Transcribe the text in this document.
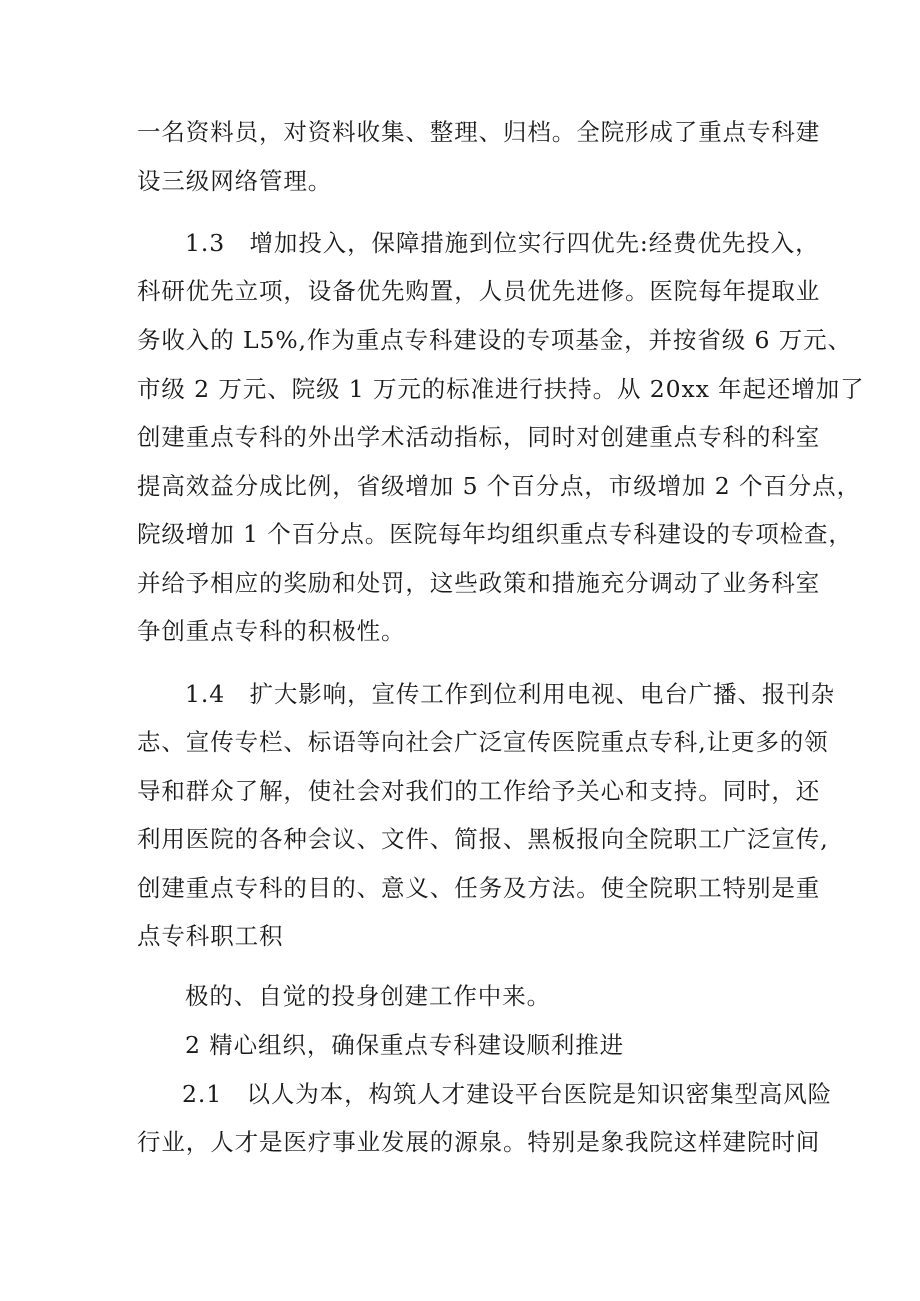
一名资料员，对资料收集、整理、归档。全院形成了重点专科建
设三级网络管理。
1.3　增加投入，保障措施到位实行四优先:经费优先投入，
科研优先立项，设备优先购置，人员优先进修。医院每年提取业
务收入的 L5%,作为重点专科建设的专项基金，并按省级 6 万元、
市级 2 万元、院级 1 万元的标准进行扶持。从 20xx 年起还增加了
创建重点专科的外出学术活动指标，同时对创建重点专科的科室
提高效益分成比例，省级增加 5 个百分点，市级增加 2 个百分点，
院级增加 1 个百分点。医院每年均组织重点专科建设的专项检查，
并给予相应的奖励和处罚，这些政策和措施充分调动了业务科室
争创重点专科的积极性。
1.4　扩大影响，宣传工作到位利用电视、电台广播、报刊杂
志、宣传专栏、标语等向社会广泛宣传医院重点专科,让更多的领
导和群众了解，使社会对我们的工作给予关心和支持。同时，还
利用医院的各种会议、文件、简报、黑板报向全院职工广泛宣传,
创建重点专科的目的、意义、任务及方法。使全院职工特别是重
点专科职工积
极的、自觉的投身创建工作中来。
2 精心组织，确保重点专科建设顺利推进
2.1　以人为本，构筑人才建设平台医院是知识密集型高风险
行业，人才是医疗事业发展的源泉。特别是象我院这样建院时间
